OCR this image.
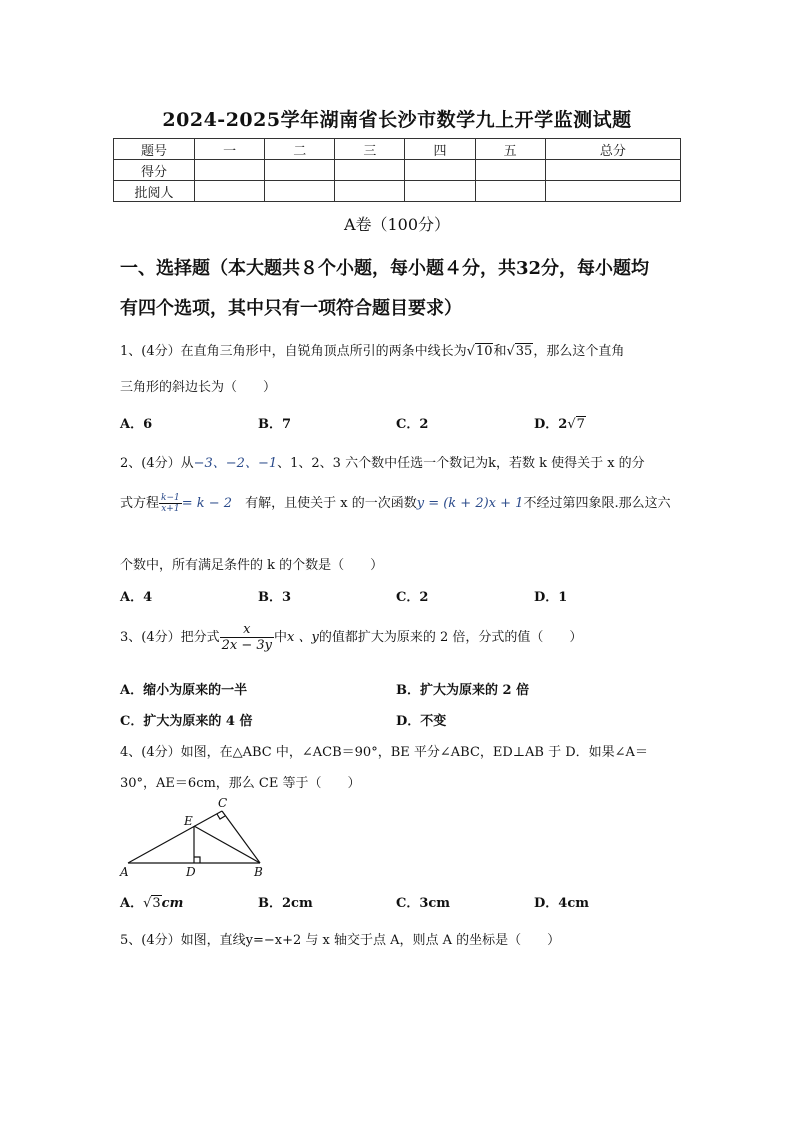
2024-2025学年湖南省长沙市数学九上开学监测试题
题号	一	二	三	四	五	总分
得分						
批阅人						
A卷（100分）
一、选择题（本大题共８个小题，每小题４分，共32分，每小题均
有四个选项，其中只有一项符合题目要求）
1、(4分）在直角三角形中，自锐角顶点所引的两条中线长为√10和√35，那么这个直角
三角形的斜边长为（　　）
A．6	B．7	C．2	D．2√7
2、(4分）从−3、−2、−1、1、2、3 六个数中任选一个数记为k，若数 k 使得关于 x 的分
式方程 $\frac{k-1}{x+1} = k - 2$　 有解，且使关于 x 的一次函数y = (k + 2)x + 1不经过第四象限.那么这六
个数中，所有满足条件的 k 的个数是（　　）
A．4	B．3	C．2	D．1
3、(4分）把分式 $\frac{x}{2x - 3y}$ 中x 、y的值都扩大为原来的 2 倍，分式的值（　　）
A．缩小为原来的一半	B．扩大为原来的 2 倍
C．扩大为原来的 4 倍	D．不变
4、(4分）如图，在△ABC 中，∠ACB＝90°，BE 平分∠ABC，ED⊥AB 于 D．如果∠A＝
30°，AE＝6cm，那么 CE 等于（　　）
C
E
A	D	B
A．√3cm	B．2cm	C．3cm	D．4cm
5、(4分）如图，直线y=−x+2 与 x 轴交于点 A，则点 A 的坐标是（　　）
